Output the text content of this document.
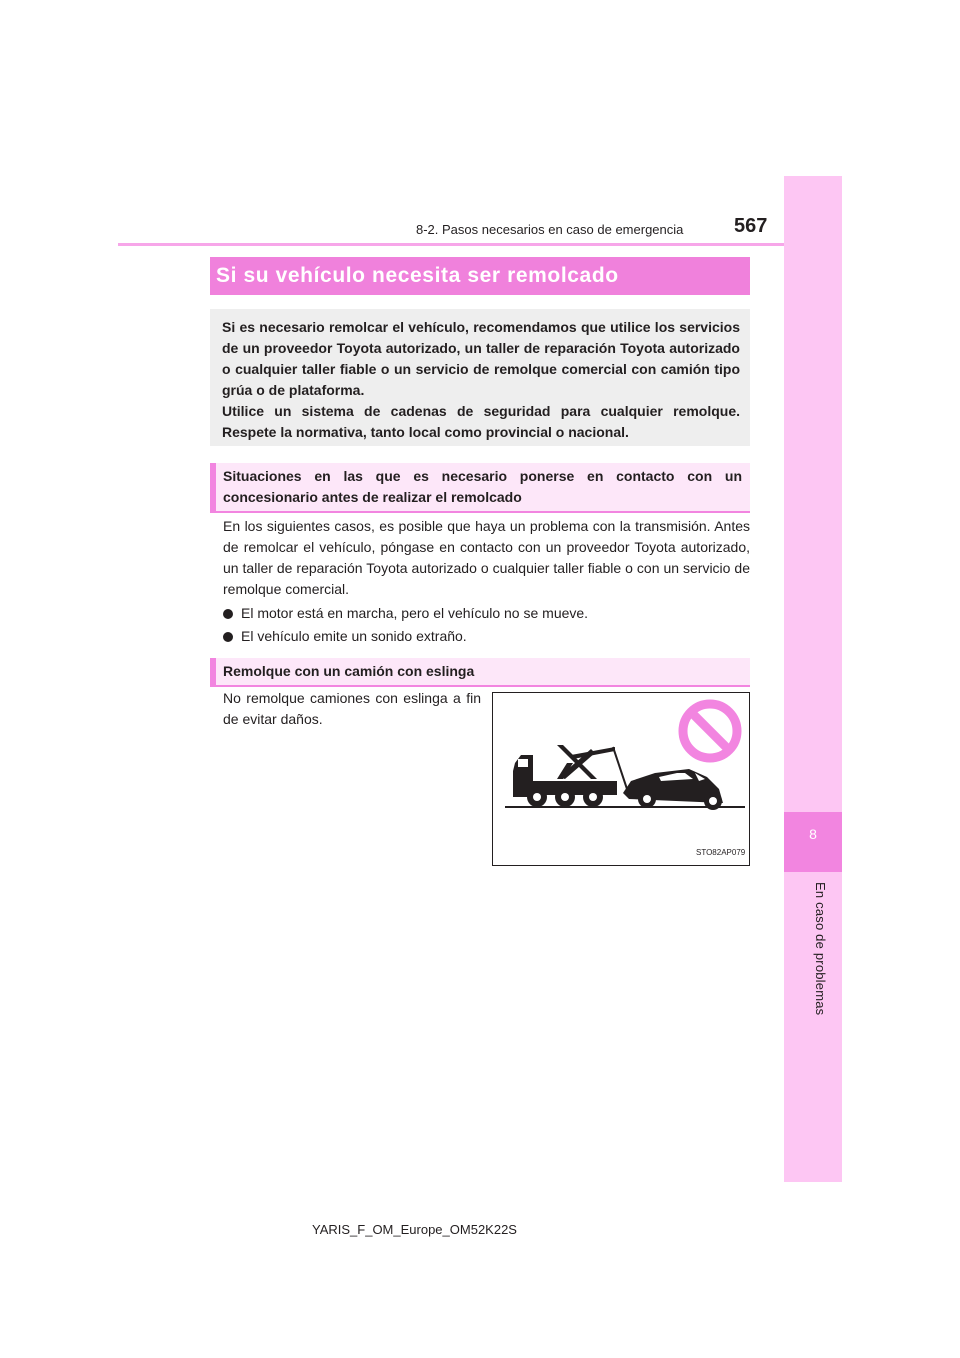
8
En caso de problemas
8-2. Pasos necesarios en caso de emergencia	567
Si su vehículo necesita ser remolcado

Si es necesario remolcar el vehículo, recomendamos que utilice los servicios de un proveedor Toyota autorizado, un taller de reparación Toyota autorizado o cualquier taller fiable o un servicio de remolque comercial con camión tipo grúa o de plataforma.

Utilice un sistema de cadenas de seguridad para cualquier remolque. Respete la normativa, tanto local como provincial o nacional.

Situaciones en las que es necesario ponerse en contacto con un concesionario antes de realizar el remolcado

En los siguientes casos, es posible que haya un problema con la transmisión. Antes de remolcar el vehículo, póngase en contacto con un proveedor Toyota autorizado, un taller de reparación Toyota autorizado o cualquier taller fiable o con un servicio de remolque comercial.

El motor está en marcha, pero el vehículo no se mueve.
El vehículo emite un sonido extraño.
Remolque con un camión con eslinga

No remolque camiones con eslinga a fin de evitar daños.

STO82AP079
YARIS_F_OM_Europe_OM52K22S
